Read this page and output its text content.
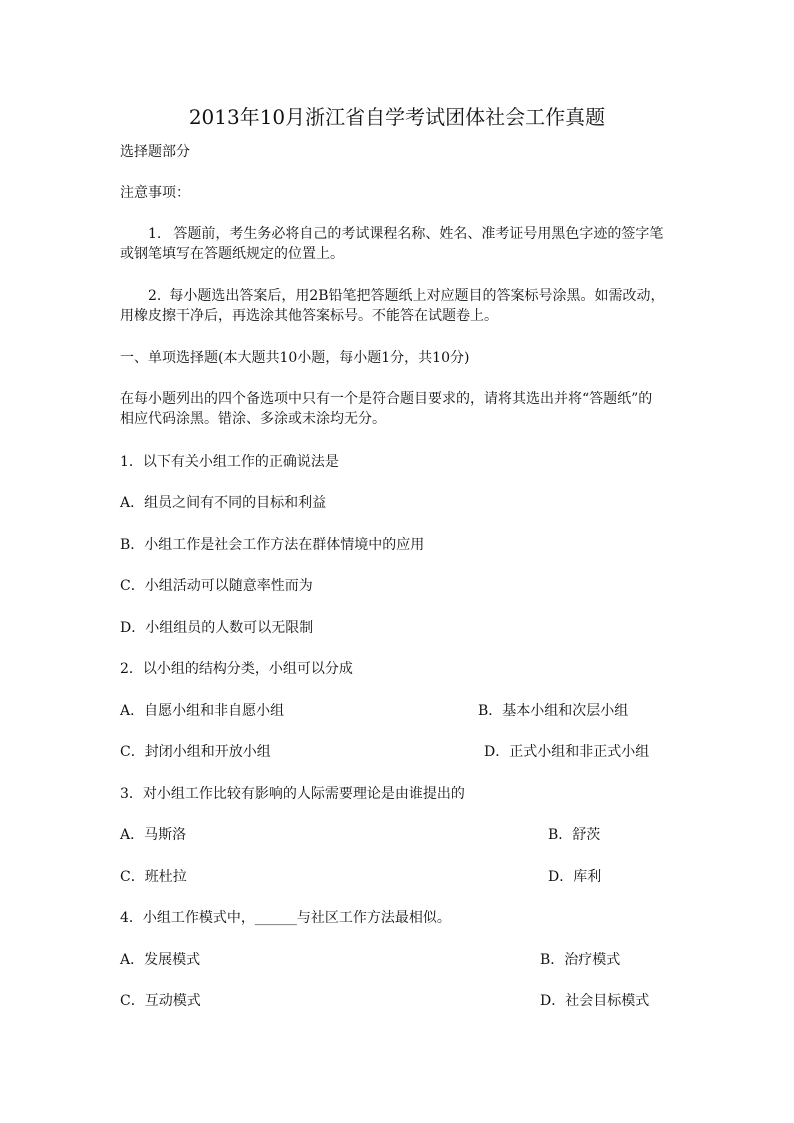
2013年10月浙江省自学考试团体社会工作真题
选择题部分
注意事项：
1. 答题前，考生务必将自己的考试课程名称、姓名、准考证号用黑色字迹的签字笔
或钢笔填写在答题纸规定的位置上。
2. 每小题选出答案后，用2B铅笔把答题纸上对应题目的答案标号涂黑。如需改动，
用橡皮擦干净后，再选涂其他答案标号。不能答在试题卷上。
一、单项选择题(本大题共10小题，每小题1分，共10分)
在每小题列出的四个备选项中只有一个是符合题目要求的，请将其选出并将“答题纸”的
相应代码涂黑。错涂、多涂或未涂均无分。
1．以下有关小组工作的正确说法是
A．组员之间有不同的目标和利益
B．小组工作是社会工作方法在群体情境中的应用
C．小组活动可以随意率性而为
D．小组组员的人数可以无限制
2．以小组的结构分类，小组可以分成
A．自愿小组和非自愿小组	B．基本小组和次层小组
C．封闭小组和开放小组	D．正式小组和非正式小组
3．对小组工作比较有影响的人际需要理论是由谁提出的
A．马斯洛	B．舒茨
C．班杜拉	D．库利
4．小组工作模式中，______与社区工作方法最相似。
A．发展模式	B．治疗模式
C．互动模式	D．社会目标模式
